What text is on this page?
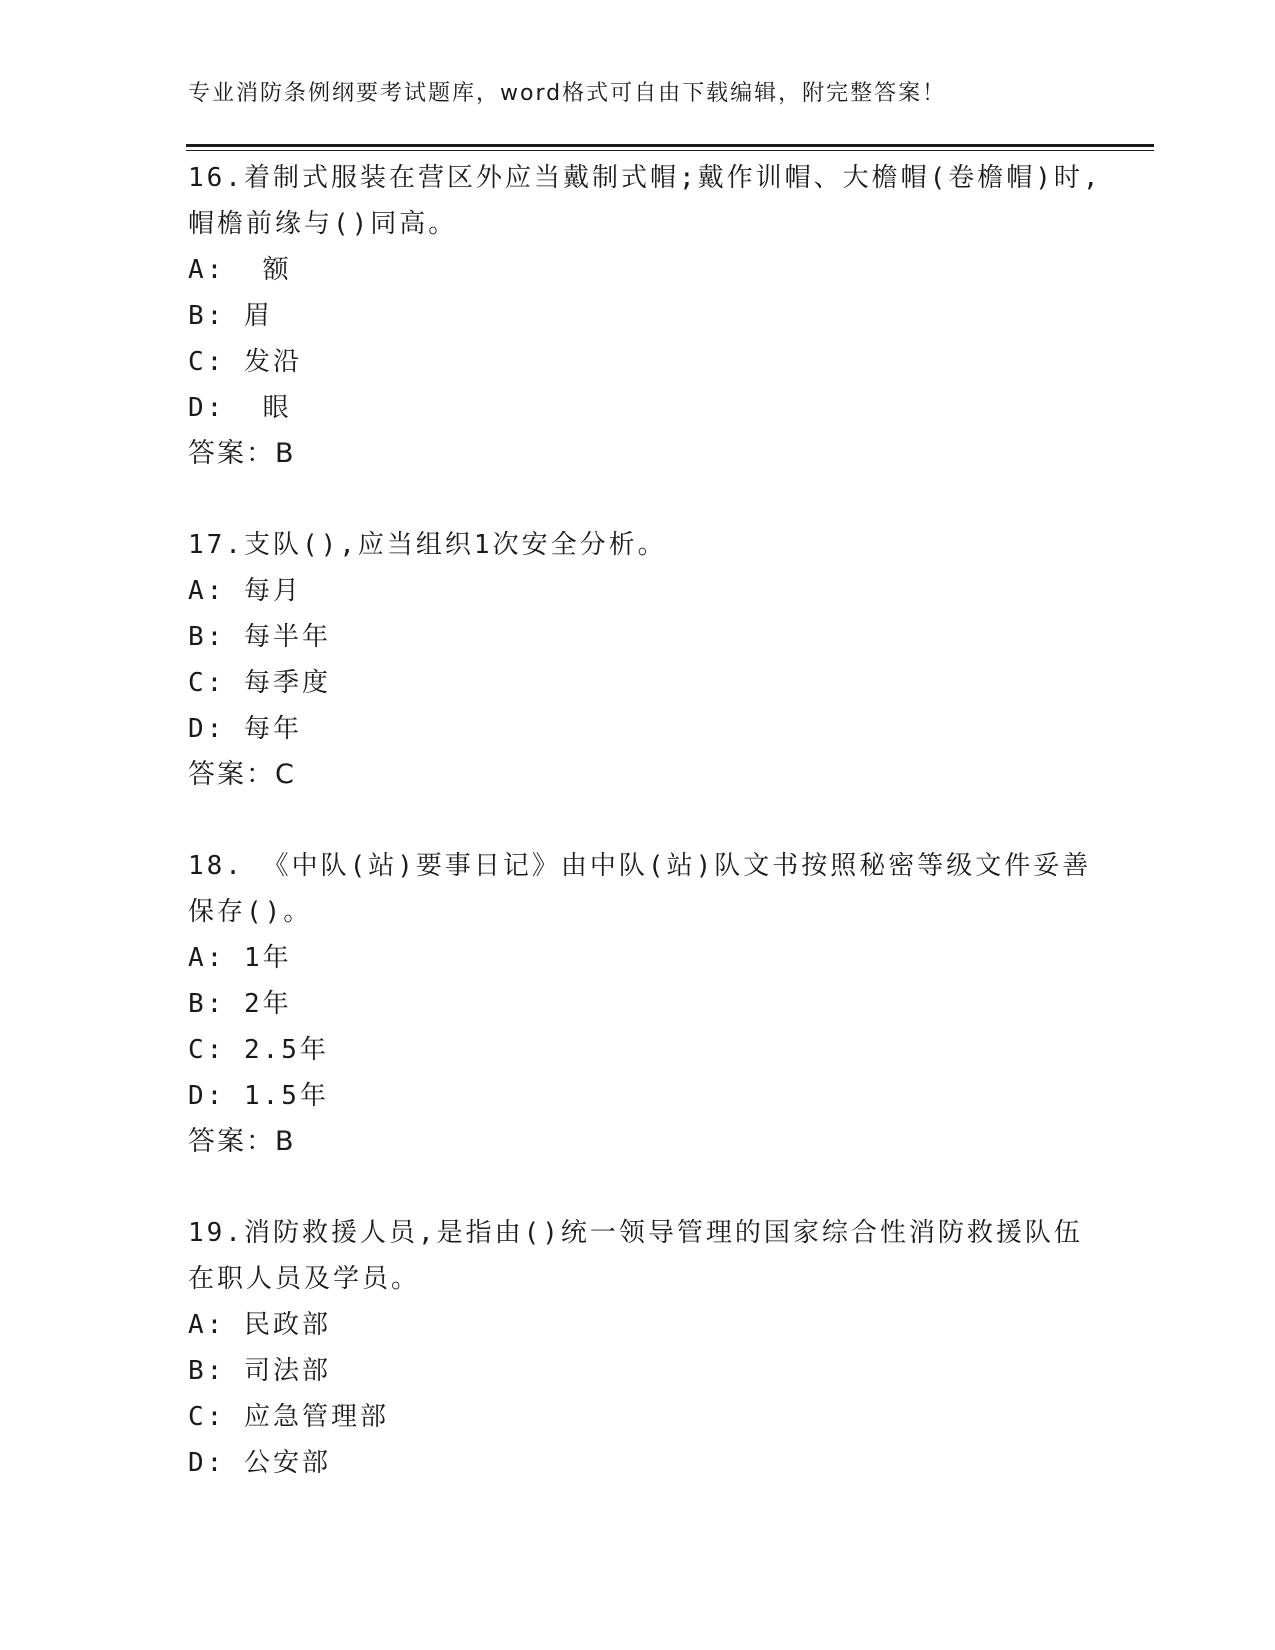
专业消防条例纲要考试题库，word格式可自由下载编辑，附完整答案！
16.着制式服装在营区外应当戴制式帽;戴作训帽、大檐帽(卷檐帽)时,
帽檐前缘与()同高。
A:  额
B: 眉
C: 发沿
D:  眼
答案：B
17.支队(),应当组织1次安全分析。
A: 每月
B: 每半年
C: 每季度
D: 每年
答案：C
18. 《中队(站)要事日记》由中队(站)队文书按照秘密等级文件妥善
保存()。
A: 1年
B: 2年
C: 2.5年
D: 1.5年
答案：B
19.消防救援人员,是指由()统一领导管理的国家综合性消防救援队伍
在职人员及学员。
A: 民政部
B: 司法部
C: 应急管理部
D: 公安部
